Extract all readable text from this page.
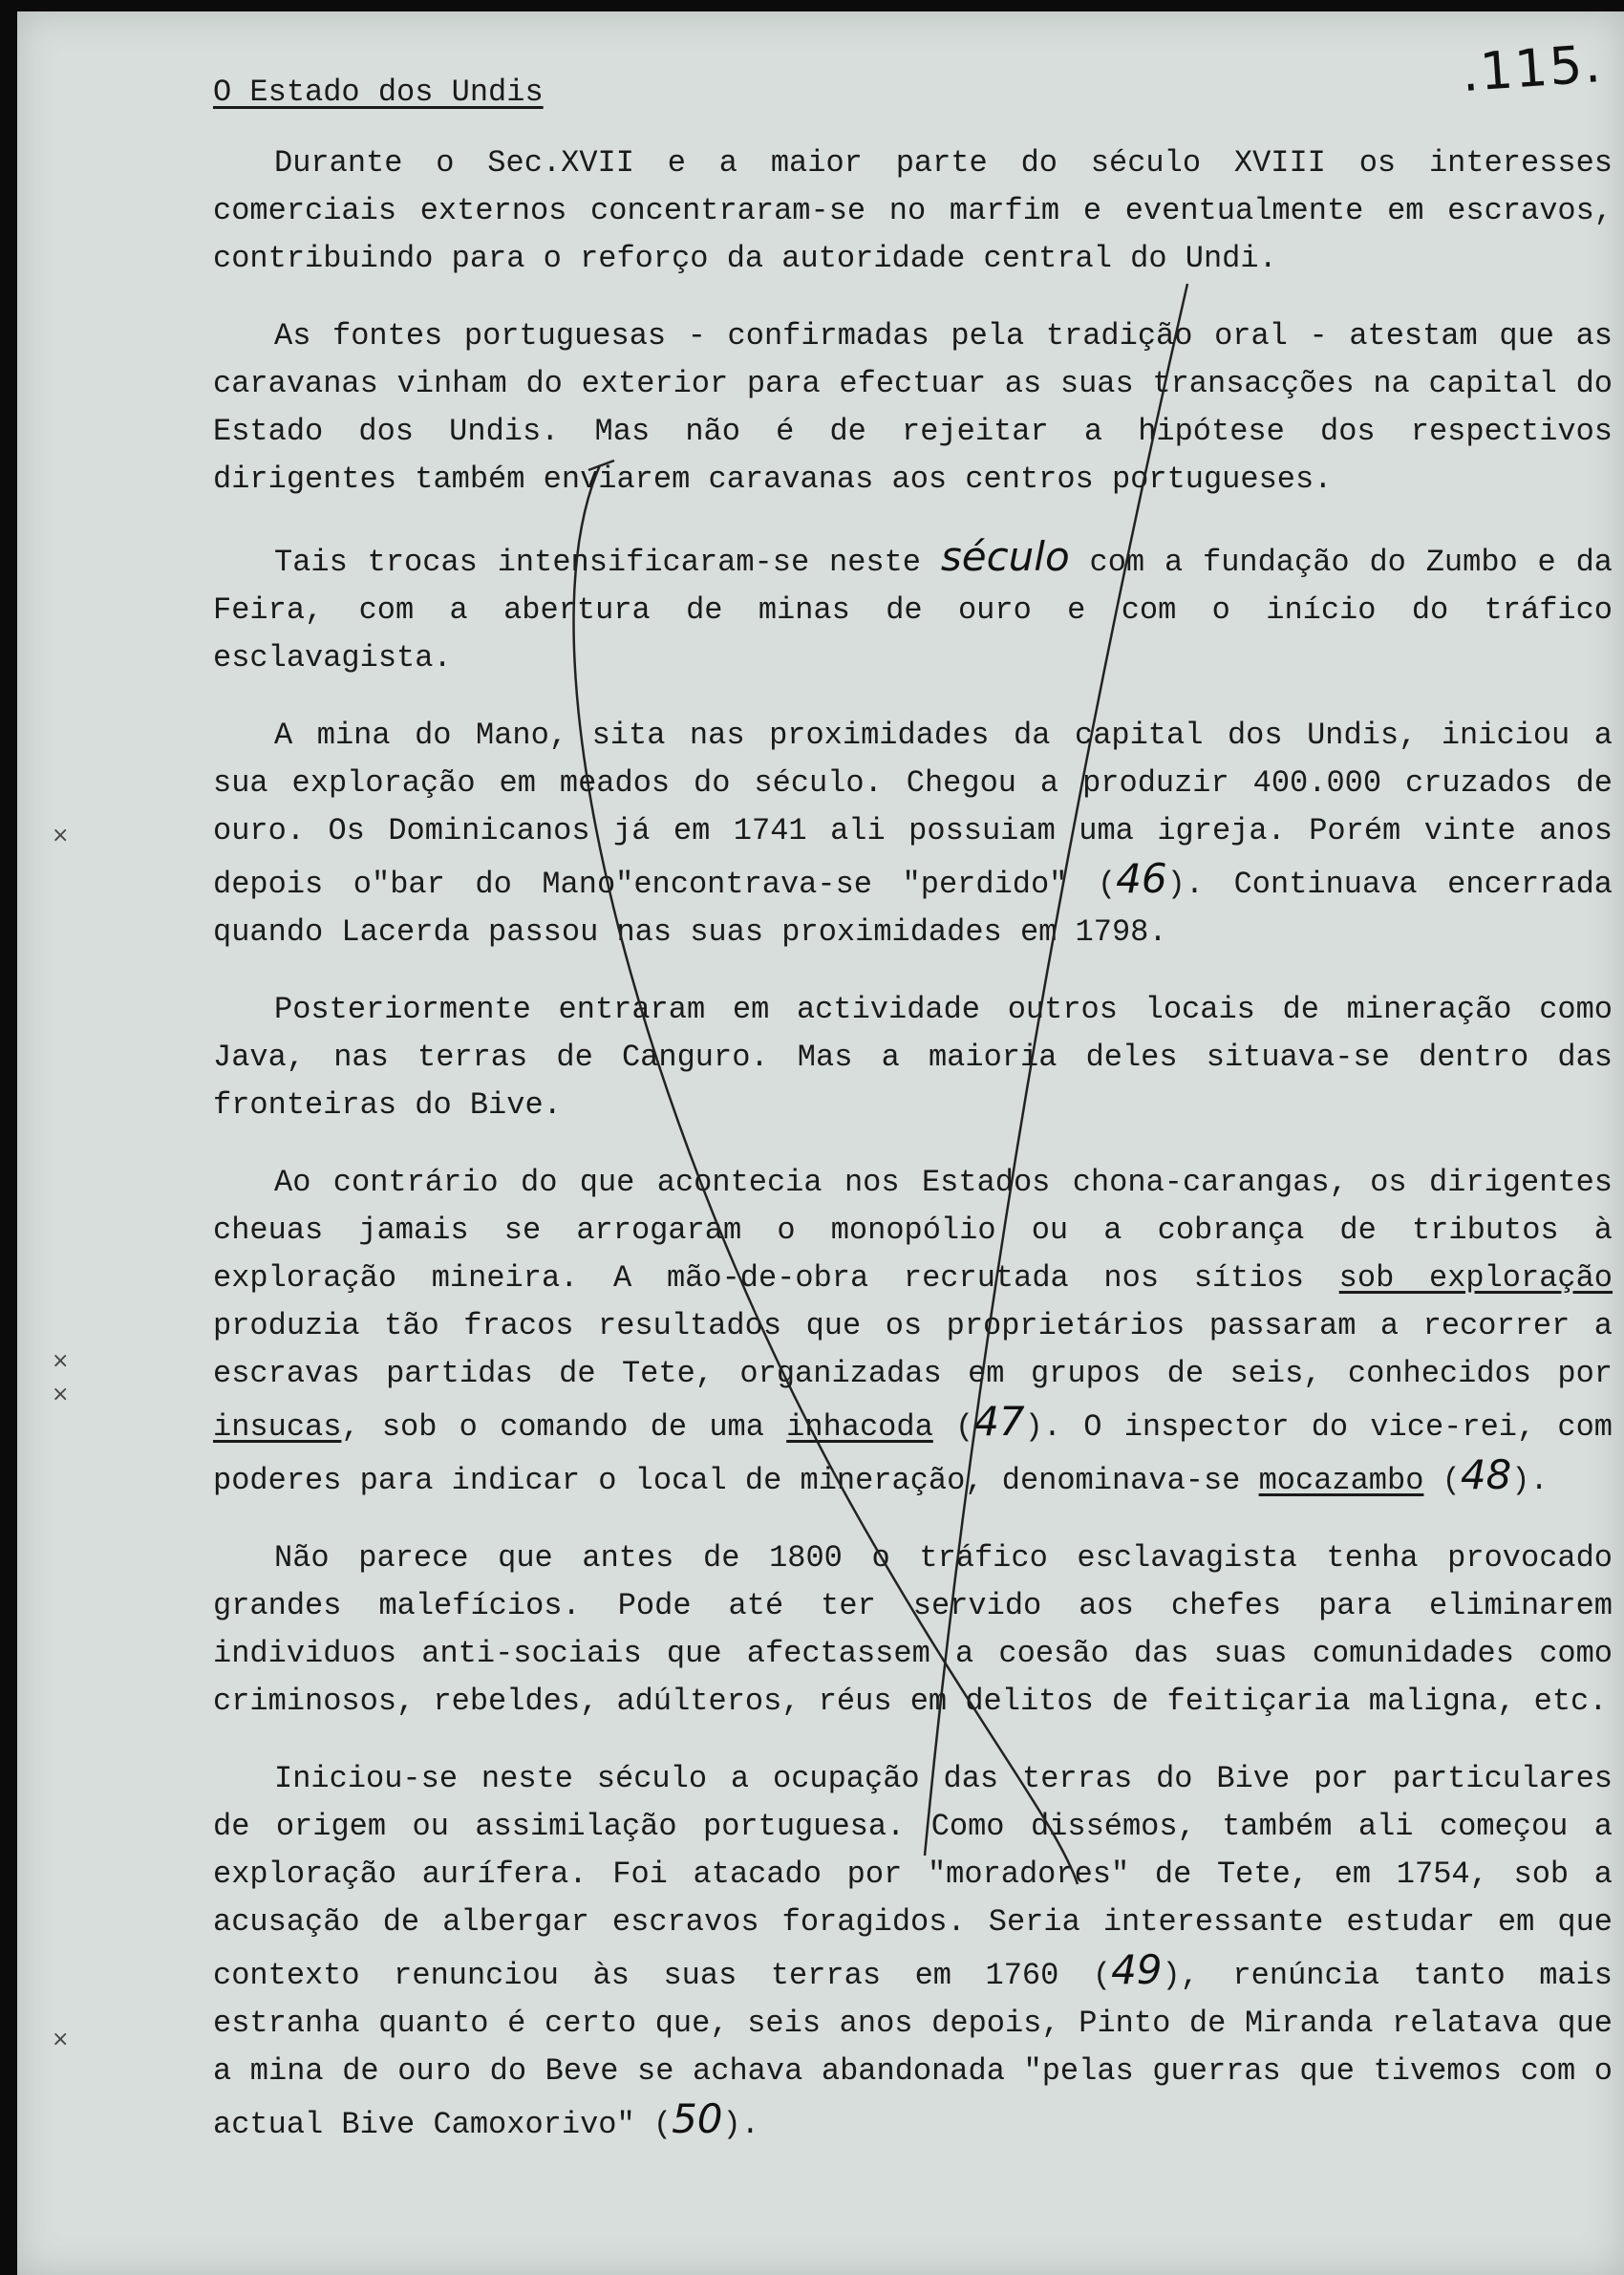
.115.
O Estado dos Undis

Durante o Sec.XVII e a maior parte do século XVIII os interesses comerciais externos concentraram-se no marfim e eventualmente em escravos, contribuindo para o reforço da autoridade central do Undi.

As fontes portuguesas - confirmadas pela tradição oral - atestam que as caravanas vinham do exterior para efectuar as suas transacções na capital do Estado dos Undis. Mas não é de rejeitar a hipótese dos respectivos dirigentes também enviarem caravanas aos centros portugueses.

Tais trocas intensificaram-se neste século com a fundação do Zumbo e da Feira, com a abertura de minas de ouro e com o início do tráfico esclavagista.

A mina do Mano, sita nas proximidades da capital dos Undis, iniciou a sua exploração em meados do século. Chegou a produzir 400.000 cruzados de ouro. Os Dominicanos já em 1741 ali possuiam uma igreja. Porém vinte anos depois o"bar do Mano"encontrava-se "perdido" (46). Continuava encerrada quando Lacerda passou nas suas proximidades em 1798.

Posteriormente entraram em actividade outros locais de mineração como Java, nas terras de Canguro. Mas a maioria deles situava-se dentro das fronteiras do Bive.

Ao contrário do que acontecia nos Estados chona-carangas, os dirigentes cheuas jamais se arrogaram o monopólio ou a cobrança de tributos à exploração mineira. A mão-de-obra recrutada nos sítios sob exploração produzia tão fracos resultados que os proprietários passaram a recorrer a escravas partidas de Tete, organizadas em grupos de seis, conhecidos por insucas, sob o comando de uma inhacoda (47). O inspector do vice-rei, com poderes para indicar o local de mineração, denominava-se mocazambo (48).

Não parece que antes de 1800 o tráfico esclavagista tenha provocado grandes malefícios. Pode até ter servido aos chefes para eliminarem individuos anti-sociais que afectassem a coesão das suas comunidades como criminosos, rebeldes, adúlteros, réus em delitos de feitiçaria maligna, etc.

Iniciou-se neste século a ocupação das terras do Bive por particulares de origem ou assimilação portuguesa. Como dissémos, também ali começou a exploração aurífera. Foi atacado por "moradores" de Tete, em 1754, sob a acusação de albergar escravos foragidos. Seria interessante estudar em que contexto renunciou às suas terras em 1760 (49), renúncia tanto mais estranha quanto é certo que, seis anos depois, Pinto de Miranda relatava que a mina de ouro do Beve se achava abandonada "pelas guerras que tivemos com o actual Bive Camoxorivo" (50).

×
×
×
×
